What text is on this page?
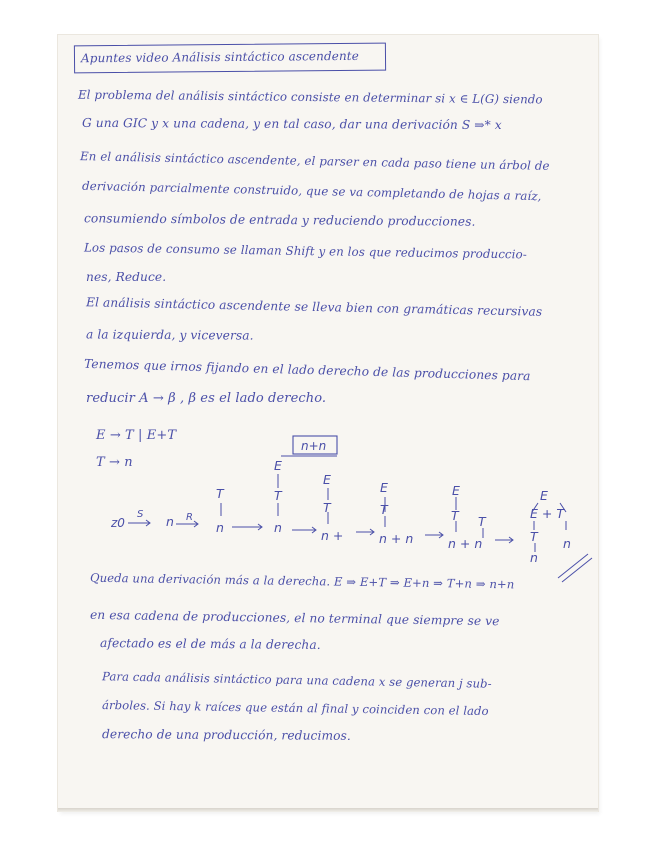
Apuntes video Análisis sintáctico ascendente
El problema del análisis sintáctico consiste en determinar si x ∈ L(G) siendo
G una GIC y x una cadena, y en tal caso, dar una derivación S ⇒* x
En el análisis sintáctico ascendente, el parser en cada paso tiene un árbol de
derivación parcialmente construido, que se va completando de hojas a raíz,
consumiendo símbolos de entrada y reduciendo producciones.
Los pasos de consumo se llaman Shift y en los que reducimos produccio-
nes, Reduce.
El análisis sintáctico ascendente se lleva bien con gramáticas recursivas
a la izquierda, y viceversa.
Tenemos que irnos fijando en el lado derecho de las producciones para
reducir A → β , β es el lado derecho.
E → T | E+T
T → n
n+n
z0
S	R
n
T
n
E
T
n
E
T
n +
E
T
n + n
E
T T
n + n
E
E + T
T
n
n
Queda una derivación más a la derecha. E ⇒ E+T ⇒ E+n ⇒ T+n ⇒ n+n
en esa cadena de producciones, el no terminal que siempre se ve
afectado es el de más a la derecha.
Para cada análisis sintáctico para una cadena x se generan j sub-
árboles. Si hay k raíces que están al final y coinciden con el lado
derecho de una producción, reducimos.
